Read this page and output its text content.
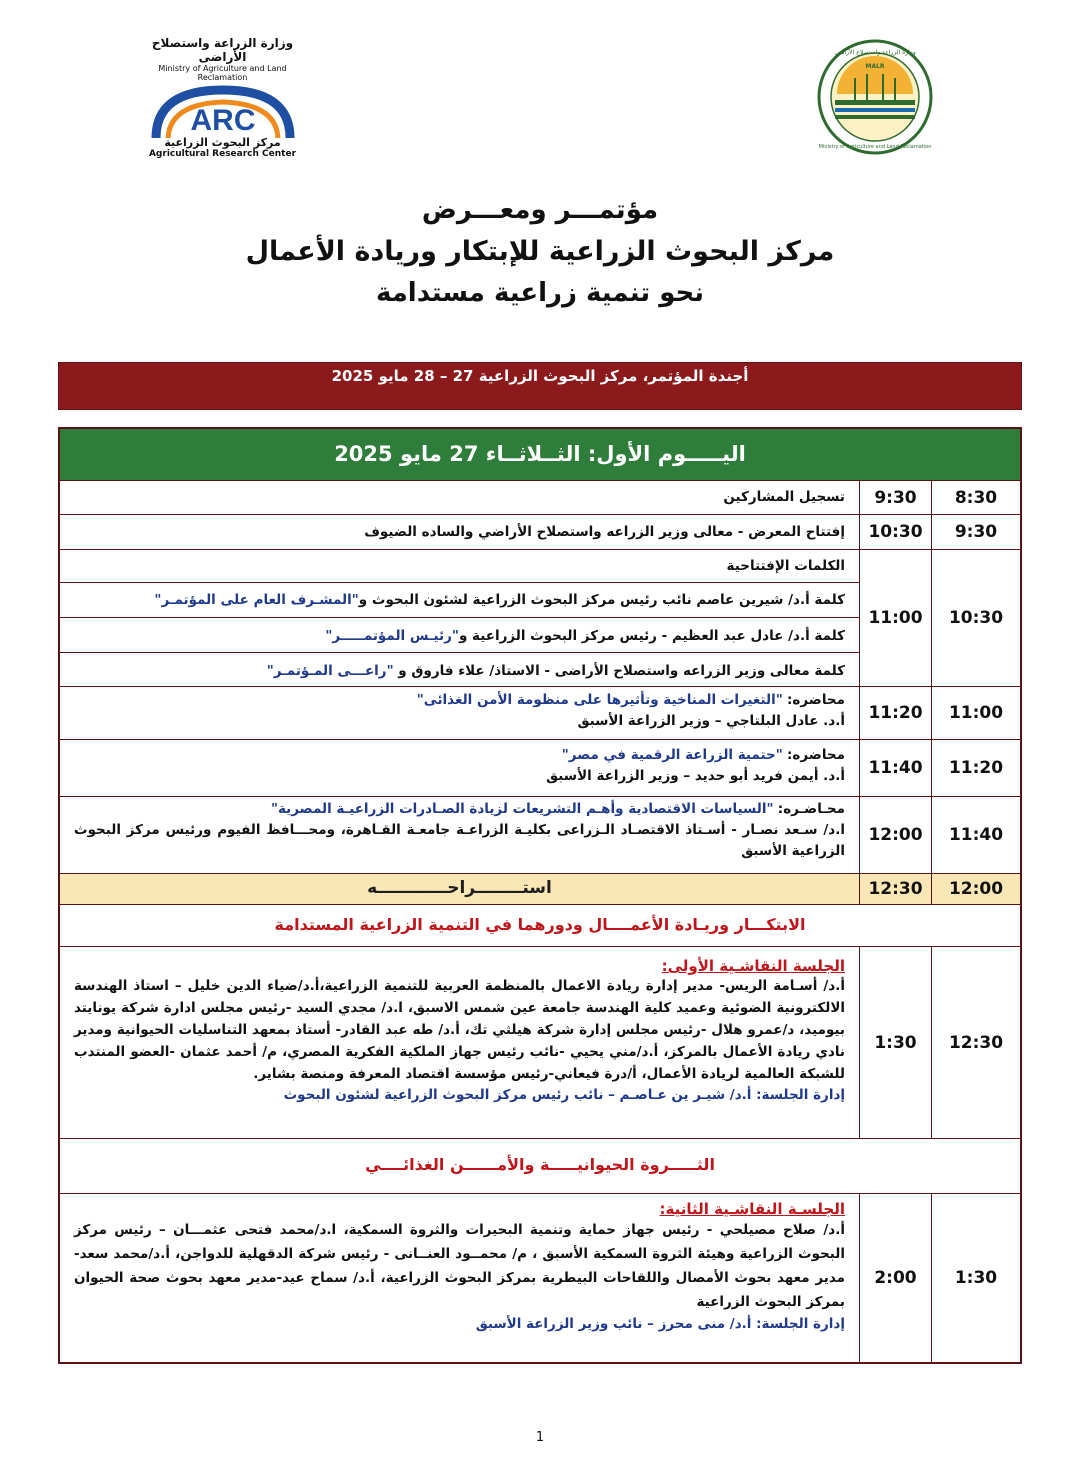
وزارة الزراعة واستصلاح الأراضى
Ministry of Agriculture and Land Reclamation
ARC
مركز البحوث الزراعية
Agricultural Research Center
وزارة الزراعة واستصلاح الأراضى
Ministry of Agriculture and Land Reclamation
MALR
مؤتمـــر ومعـــرض
مركز البحوث الزراعية للإبتكار وريادة الأعمال
نحو تنمية زراعية مستدامة
أجندة المؤتمر، مركز البحوث الزراعية 27 – 28 مايو 2025
اليـــــوم الأول: الثــلاثــاء 27 مايو 2025
8:30
9:30
تسجيل المشاركين
9:30
10:30
إفتتاح المعرض - معالى وزير الزراعه واستصلاح الأراضي والساده الضيوف
10:30
11:00
الكلمات الإفتتاحية
كلمة أ.د/ شيرين عاصم نائب رئيس مركز البحوث الزراعية لشئون البحوث و"المشـرف العام على المؤتمـر"
كلمة أ.د/ عادل عبد العظيم - رئيس مركز البحوث الزراعية و"رئيـس المؤتمـــــر"
كلمة معالى وزير الزراعه واستصلاح الأراضى - الاستاذ/ علاء فاروق و "راعـــى المـؤتمـر"
11:00
11:20
محاضره: "التغيرات المناخية وتأثيرها على منظومة الأمن الغذائى"
أ.د. عادل البلتاجي – وزير الزراعة الأسبق
11:20
11:40
محاضره: "حتمية الزراعة الرقمية في مصر"
أ.د. أيمن فريد أبو حديد – وزير الزراعة الأسبق
11:40
12:00
محـاضـره: "السياسات الاقتصادية وأهـم التشريعات لزيادة الصـادرات الزراعيـة المصرية"
ا.د/ سـعد نصـار - أسـتاذ الاقتصـاد الـزراعى بكليـة الزراعـة جامعـة القـاهرة، ومحـــافظ الفيوم ورئيس مركز البحوث الزراعية الأسبق
12:00
12:30
استــــــــراحــــــــــــه
الابتكـــار وريـادة الأعمــــال ودورهما في التنمية الزراعية المستدامة
12:30
1:30
الجلسة النقاشـية الأولى:
أ.د/ أسـامة الريس- مدير إدارة ريادة الاعمال بالمنظمة العربية للتنمية الزراعية،أ.د/ضياء الدين خليل – استاذ الهندسة الالكترونية الضوئية وعميد كلية الهندسة جامعة عين شمس الاسبق، ا.د/ مجدي السيد -رئيس مجلس ادارة شركة يونايتد بيوميد، د/عمرو هلال -رئيس مجلس إدارة شركة هيلثي تك، أ.د/ طه عبد القادر- أستاذ بمعهد التناسليات الحيوانية ومدير نادي ريادة الأعمال بالمركز، أ.د/مني يحيي -نائب رئيس جهاز الملكية الفكرية المصري، م/ أحمد عثمان -العضو المنتدب للشبكة العالمية لريادة الأعمال، أ/درة فيعاني-رئيس مؤسسة اقتصاد المعرفة ومنصة بشاير.
إدارة الجلسة: أ.د/ شيـر ين عـاصـم – نائب رئيس مركز البحوث الزراعية لشئون البحوث
الثـــــروة الحيوانيـــــة والأمــــــن الغذائــــي
1:30
2:00
الجلسـة النقاشـية الثانية:
أ.د/ صلاح مصيلحي - رئيس جهاز حماية وتنمية البحيرات والثروة السمكية، ا.د/محمد فتحى عثمـــان – رئيس مركز البحوث الزراعية وهيئة الثروة السمكية الأسبق ، م/ محمــود العنــانى - رئيس شركة الدقهلية للدواجن، أ.د/محمد سعد-مدير معهد بحوث الأمصال واللقاحات البيطرية بمركز البحوث الزراعية، أ.د/ سماح عيد-مدير معهد بحوث صحة الحيوان بمركز البحوث الزراعية
إدارة الجلسة: أ.د/ منى محرز – نائب وزير الزراعة الأسبق
1
